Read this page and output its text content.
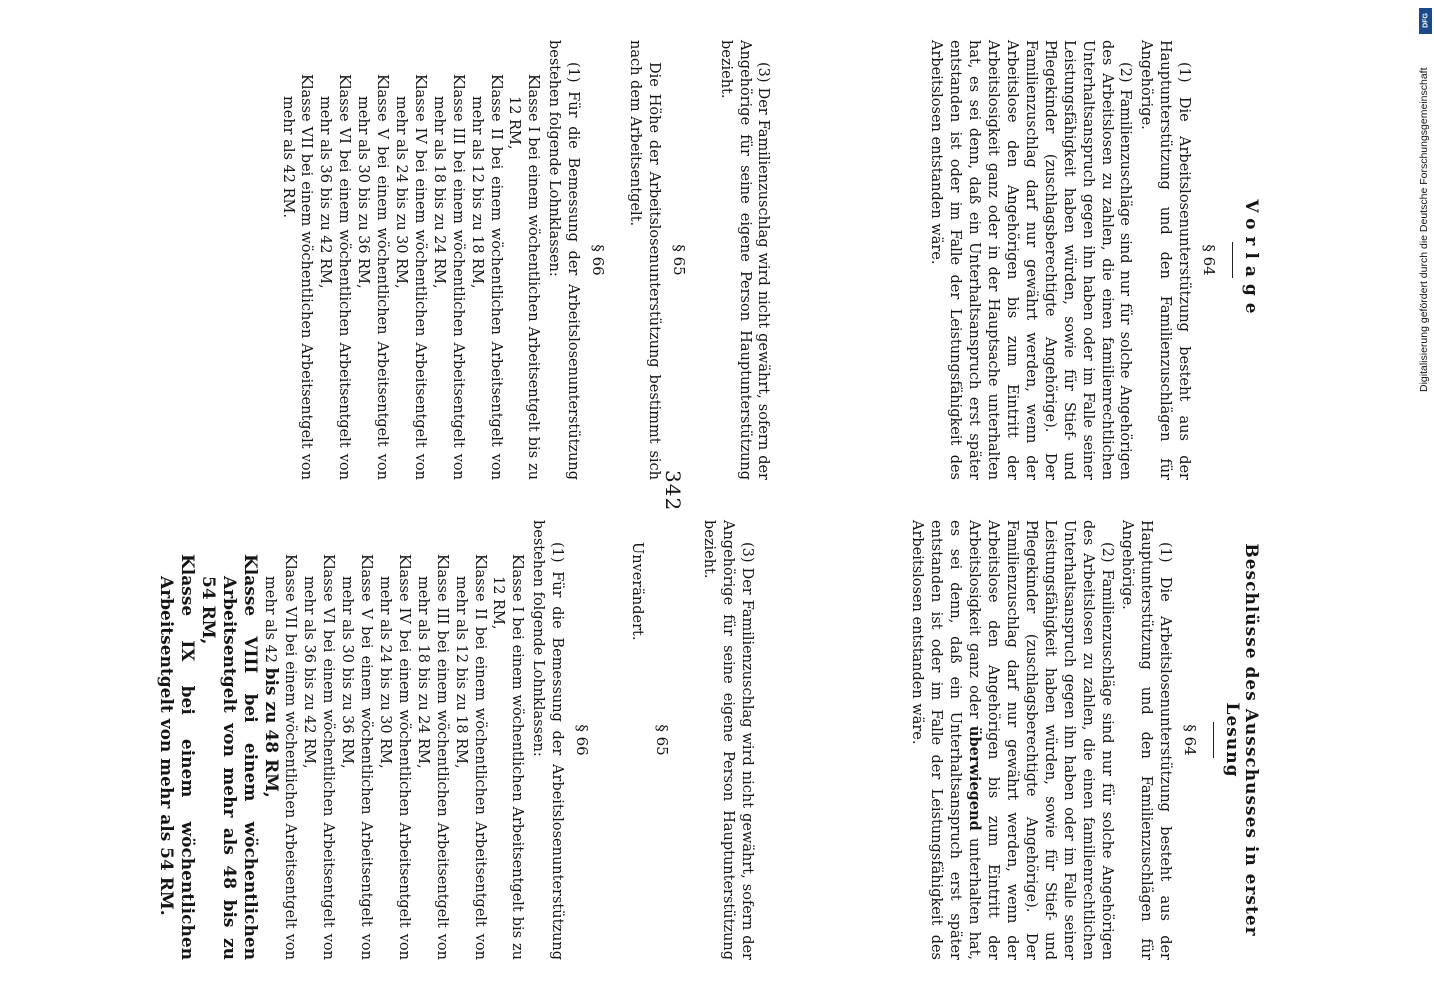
342
Vorlage
§ 64

(1) Die Arbeitslosenunterstützung besteht aus der Hauptunterstützung und den Familienzuschlägen für Angehörige.

(2) Familienzuschläge sind nur für solche Angehörigen des Arbeitslosen zu zahlen, die einen familienrechtlichen Unterhaltsanspruch gegen ihn haben oder im Falle seiner Leistungsfähigkeit haben würden, sowie für Stief- und Pflegekinder (zuschlagsberechtigte Angehörige). Der Familienzuschlag darf nur gewährt werden, wenn der Arbeitslose den Angehörigen bis zum Eintritt der Arbeitslosigkeit ganz oder in der Hauptsache unterhalten hat, es sei denn, daß ein Unterhaltsanspruch erst später entstanden ist oder im Falle der Leistungsfähigkeit des Arbeitslosen entstanden wäre.

(3) Der Familienzuschlag wird nicht gewährt, sofern der Angehörige für seine eigene Person Hauptunterstützung bezieht.

§ 65

Die Höhe der Arbeitslosenunterstützung bestimmt sich nach dem Arbeitsentgelt.

§ 66

(1) Für die Bemessung der Arbeitslosenunterstützung bestehen folgende Lohnklassen:

Klasse I bei einem wöchentlichen Arbeitsentgelt bis zu 12 RM,

Klasse II bei einem wöchentlichen Arbeitsentgelt von mehr als 12 bis zu 18 RM,

Klasse III bei einem wöchentlichen Arbeitsentgelt von mehr als 18 bis zu 24 RM,

Klasse IV bei einem wöchentlichen Arbeitsentgelt von mehr als 24 bis zu 30 RM,

Klasse V bei einem wöchentlichen Arbeitsentgelt von mehr als 30 bis zu 36 RM,

Klasse VI bei einem wöchentlichen Arbeitsentgelt von mehr als 36 bis zu 42 RM,

Klasse VII bei einem wöchentlichen Arbeitsentgelt von mehr als 42 RM.

Beschlüsse des Ausschusses in erster Lesung
§ 64

(1) Die Arbeitslosenunterstützung besteht aus der Hauptunterstützung und den Familienzuschlägen für Angehörige.

(2) Familienzuschläge sind nur für solche Angehörigen des Arbeitslosen zu zahlen, die einen familienrechtlichen Unterhaltsanspruch gegen ihn haben oder im Falle seiner Leistungsfähigkeit haben würden, sowie für Stief- und Pflegekinder (zuschlagsberechtigte Angehörige). Der Familienzuschlag darf nur gewährt werden, wenn der Arbeitslose den Angehörigen bis zum Eintritt der Arbeitslosigkeit ganz oder überwiegend unterhalten hat, es sei denn, daß ein Unterhaltsanspruch erst später entstanden ist oder im Falle der Leistungsfähigkeit des Arbeitslosen entstanden wäre.

(3) Der Familienzuschlag wird nicht gewährt, sofern der Angehörige für seine eigene Person Hauptunterstützung bezieht.

§ 65

Unverändert.

§ 66

(1) Für die Bemessung der Arbeitslosenunterstützung bestehen folgende Lohnklassen:

Klasse I bei einem wöchentlichen Arbeitsentgelt bis zu 12 RM,

Klasse II bei einem wöchentlichen Arbeitsentgelt von mehr als 12 bis zu 18 RM,

Klasse III bei einem wöchentlichen Arbeitsentgelt von mehr als 18 bis zu 24 RM,

Klasse IV bei einem wöchentlichen Arbeitsentgelt von mehr als 24 bis zu 30 RM,

Klasse V bei einem wöchentlichen Arbeitsentgelt von mehr als 30 bis zu 36 RM,

Klasse VI bei einem wöchentlichen Arbeitsentgelt von mehr als 36 bis zu 42 RM,

Klasse VII bei einem wöchentlichen Arbeitsentgelt von mehr als 42 bis zu 48 RM,

Klasse VIII bei einem wöchentlichen Arbeitsentgelt von mehr als 48 bis zu 54 RM,

Klasse IX bei einem wöchentlichen Arbeitsentgelt von mehr als 54 RM.

Digitalisierung gefördert durch die Deutsche Forschungsgemeinschaft
DFG
